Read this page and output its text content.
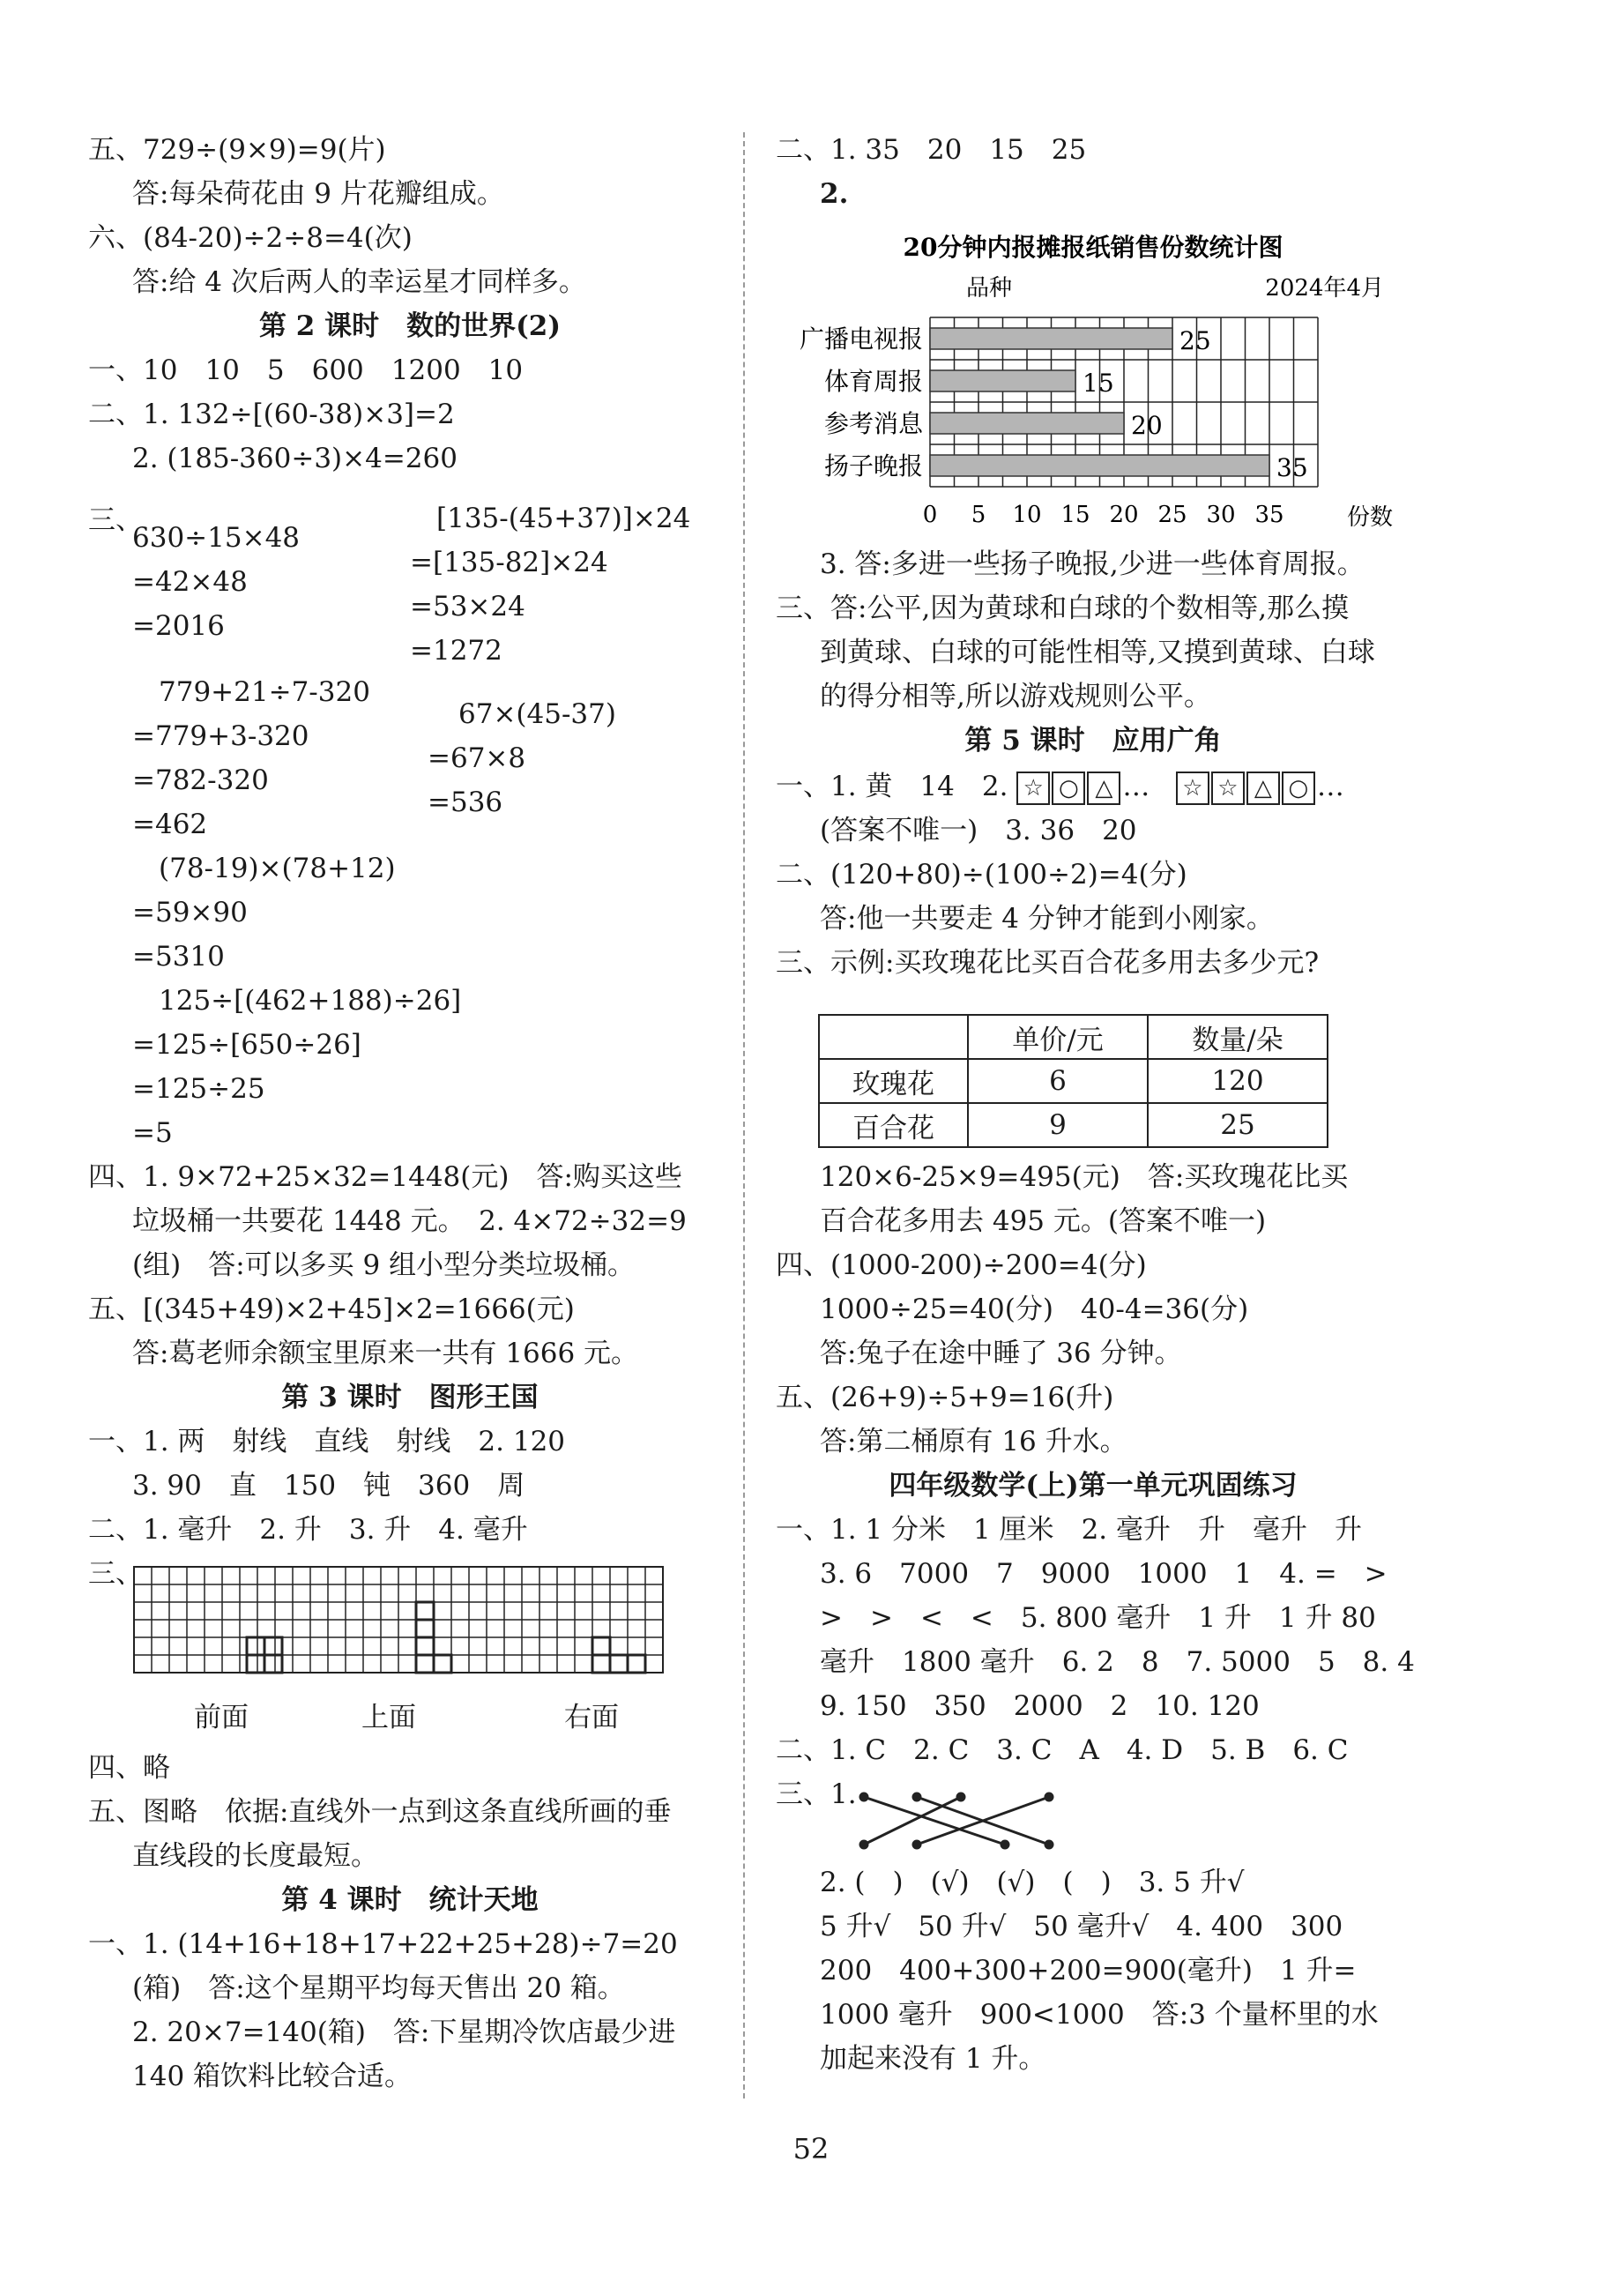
五、729÷(9×9)=9(片)
答:每朵荷花由 9 片花瓣组成。
六、(84-20)÷2÷8=4(次)
答:给 4 次后两人的幸运星才同样多。
第 2 课时　数的世界(2)
一、10　10　5　600　1200　10
二、1. 132÷[(60-38)×3]=2
2. (185-360÷3)×4=260
三、
630÷15×48
=42×48
=2016
[135-(45+37)]×24
=[135-82]×24
=53×24
=1272
779+21÷7-320
=779+3-320
=782-320
=462
67×(45-37)
=67×8
=536
(78-19)×(78+12)
=59×90
=5310
125÷[(462+188)÷26]
=125÷[650÷26]
=125÷25
=5
四、1. 9×72+25×32=1448(元)　答:购买这些
垃圾桶一共要花 1448 元。　2. 4×72÷32=9
(组)　答:可以多买 9 组小型分类垃圾桶。
五、[(345+49)×2+45]×2=1666(元)
答:葛老师余额宝里原来一共有 1666 元。
第 3 课时　图形王国
一、1. 两　射线　直线　射线　2. 120
3. 90　直　150　钝　360　周
二、1. 毫升　2. 升　3. 升　4. 毫升
三、
前面	上面	右面
四、略
五、图略　依据:直线外一点到这条直线所画的垂
直线段的长度最短。
第 4 课时　统计天地
一、1. (14+16+18+17+22+25+28)÷7=20
(箱)　答:这个星期平均每天售出 20 箱。
2. 20×7=140(箱)　答:下星期冷饮店最少进
140 箱饮料比较合适。
二、1. 35　20　15　25
2.
20分钟内报摊报纸销售份数统计图
品种	2024年4月
25
15
20
35
广播电视报
体育周报
参考消息
扬子晚报
0 5 10 15 20 25 30 35	份数
3. 答:多进一些扬子晚报,少进一些体育周报。
三、答:公平,因为黄球和白球的个数相等,那么摸
到黄球、白球的可能性相等,又摸到黄球、白球
的得分相等,所以游戏规则公平。
第 5 课时　应用广角
一、1. 黄　14　2. ☆ ○ △ … ☆ ☆ △ ○ …
(答案不唯一)　3. 36　20
二、(120+80)÷(100÷2)=4(分)
答:他一共要走 4 分钟才能到小刚家。
三、示例:买玫瑰花比买百合花多用去多少元?
	单价/元	数量/朵
玫瑰花	6	120
百合花	9	25
120×6-25×9=495(元)　答:买玫瑰花比买
百合花多用去 495 元。(答案不唯一)
四、(1000-200)÷200=4(分)
1000÷25=40(分)　40-4=36(分)
答:兔子在途中睡了 36 分钟。
五、(26+9)÷5+9=16(升)
答:第二桶原有 16 升水。
四年级数学(上)第一单元巩固练习
一、1. 1 分米　1 厘米　2. 毫升　升　毫升　升
3. 6　7000　7　9000　1000　1　4. =　>
>　>　<　<　5. 800 毫升　1 升　1 升 80
毫升　1800 毫升　6. 2　8　7. 5000　5　8. 4
9. 150　350　2000　2　10. 120
二、1. C　2. C　3. C　A　4. D　5. B　6. C
三、1.
2. (　)　(√)　(√)　(　)　3. 5 升√
5 升√　50 升√　50 毫升√　4. 400　300
200　400+300+200=900(毫升)　1 升=
1000 毫升　900<1000　答:3 个量杯里的水
加起来没有 1 升。
52
